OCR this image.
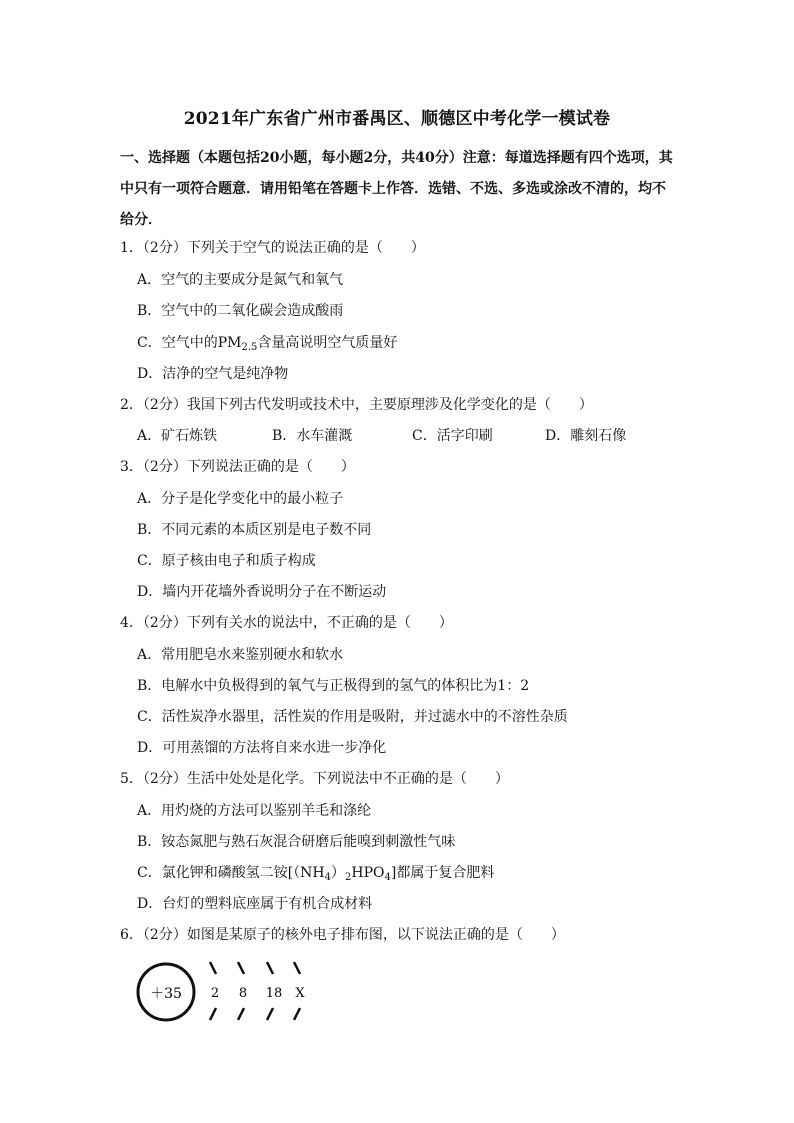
2021年广东省广州市番禺区、顺德区中考化学一模试卷
一、选择题（本题包括20小题，每小题2分，共40分）注意：每道选择题有四个选项，其中只有一项符合题意．请用铅笔在答题卡上作答．选错、不选、多选或涂改不清的，均不给分．
1．（2分）下列关于空气的说法正确的是（　　）
A．空气的主要成分是氮气和氧气
B．空气中的二氧化碳会造成酸雨
C．空气中的$PM_{2.5}$含量高说明空气质量好
D．洁净的空气是纯净物
2．（2分）我国下列古代发明或技术中，主要原理涉及化学变化的是（　　）
A．矿石炼铁	B．水车灌溉	C．活字印刷	D．雕刻石像
3．（2分）下列说法正确的是（　　）
A．分子是化学变化中的最小粒子
B．不同元素的本质区别是电子数不同
C．原子核由电子和质子构成
D．墙内开花墙外香说明分子在不断运动
4．（2分）下列有关水的说法中，不正确的是（　　）
A．常用肥皂水来鉴别硬水和软水
B．电解水中负极得到的氧气与正极得到的氢气的体积比为1：2
C．活性炭净水器里，活性炭的作用是吸附，并过滤水中的不溶性杂质
D．可用蒸馏的方法将自来水进一步净化
5．（2分）生活中处处是化学。下列说法中不正确的是（　　）
A．用灼烧的方法可以鉴别羊毛和涤纶
B．铵态氮肥与熟石灰混合研磨后能嗅到刺激性气味
C．氯化钾和磷酸氢二铵$[(NH_4)_2HPO_4]$都属于复合肥料
D．台灯的塑料底座属于有机合成材料
6．（2分）如图是某原子的核外电子排布图，以下说法正确的是（　　）
＋35 2 8 18 X
